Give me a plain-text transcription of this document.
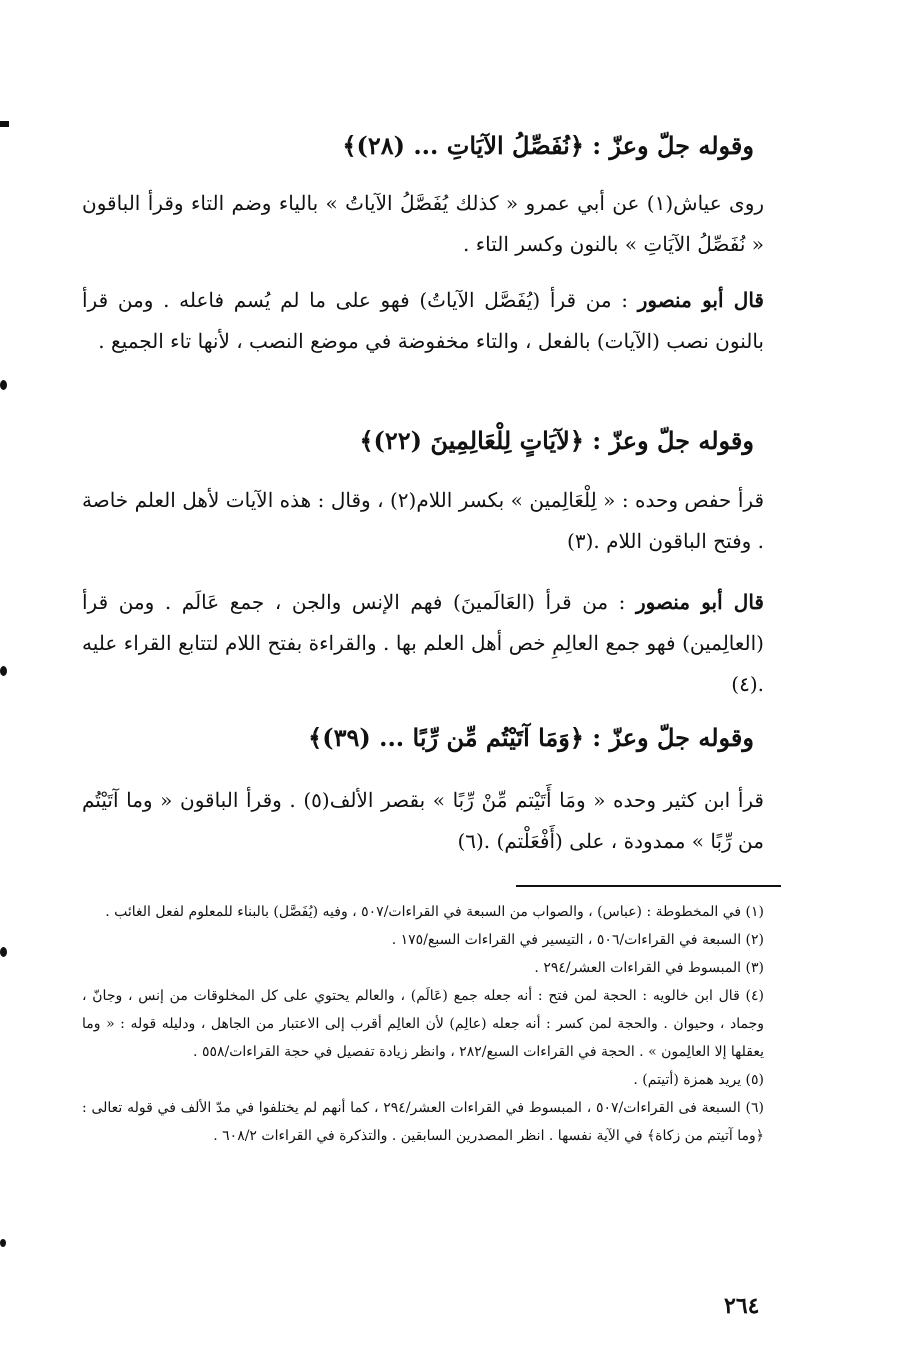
وقوله جلّ وعزّ : ﴿نُفَصِّلُ الآيَاتِ ... (٢٨)﴾

روى عياش(١) عن أبي عمرو « كذلك يُفَصَّلُ الآياتُ » بالياء وضم التاء وقرأ الباقون « نُفَصِّلُ الآيَاتِ » بالنون وكسر التاء .

قال أبو منصور : من قرأ (يُفَصَّل الآياتُ) فهو على ما لم يُسم فاعله . ومن قرأ بالنون نصب (الآيات) بالفعل ، والتاء مخفوضة في موضع النصب ، لأنها تاء الجميع .

وقوله جلّ وعزّ : ﴿لآيَاتٍ لِلْعَالِمِينَ (٢٢)﴾

قرأ حفص وحده : « لِلْعَالِمين » بكسر اللام(٢) ، وقال : هذه الآيات لأهل العلم خاصة . وفتح الباقون اللام .(٣)

قال أبو منصور : من قرأ (العَالَمينَ) فهم الإنس والجن ، جمع عَالَم . ومن قرأ (العالِمين) فهو جمع العالِمِ خص أهل العلم بها . والقراءة بفتح اللام لتتابع القراء عليه .(٤)

وقوله جلّ وعزّ : ﴿وَمَا آتَيْتُم مِّن رِّبًا ... (٣٩)﴾

قرأ ابن كثير وحده « ومَا أَتَيْتم مِّنْ رِّبًا » بقصر الألف(٥) . وقرأ الباقون « وما آتَيْتُم من رِّبًا » ممدودة ، على (أَفْعَلْتم) .(٦)

(١) في المخطوطة : (عباس) ، والصواب من السبعة في القراءات/٥٠٧ ، وفيه (يُفَصَّل) بالبناء للمعلوم لفعل الغائب .
(٢) السبعة في القراءات/٥٠٦ ، التيسير في القراءات السبع/١٧٥ .
(٣) المبسوط في القراءات العشر/٢٩٤ .
(٤) قال ابن خالويه : الحجة لمن فتح : أنه جعله جمع (عَالَم) ، والعالم يحتوي على كل المخلوقات من إنس ، وجانّ ، وجماد ، وحيوان . والحجة لمن كسر : أنه جعله (عالِم) لأن العالِم أقرب إلى الاعتبار من الجاهل ، ودليله قوله : « وما يعقلها إلا العالِمون » . الحجة في القراءات السبع/٢٨٢ ، وانظر زيادة تفصيل في حجة القراءات/٥٥٨ .
(٥) يريد همزة (أتيتم) .
(٦) السبعة فى القراءات/٥٠٧ ، المبسوط في القراءات العشر/٢٩٤ ، كما أنهم لم يختلفوا في مدّ الألف في قوله تعالى : ﴿وما آتيتم من زكاة﴾ في الآية نفسها . انظر المصدرين السابقين . والتذكرة في القراءات ٦٠٨/٢ .
٢٦٤
